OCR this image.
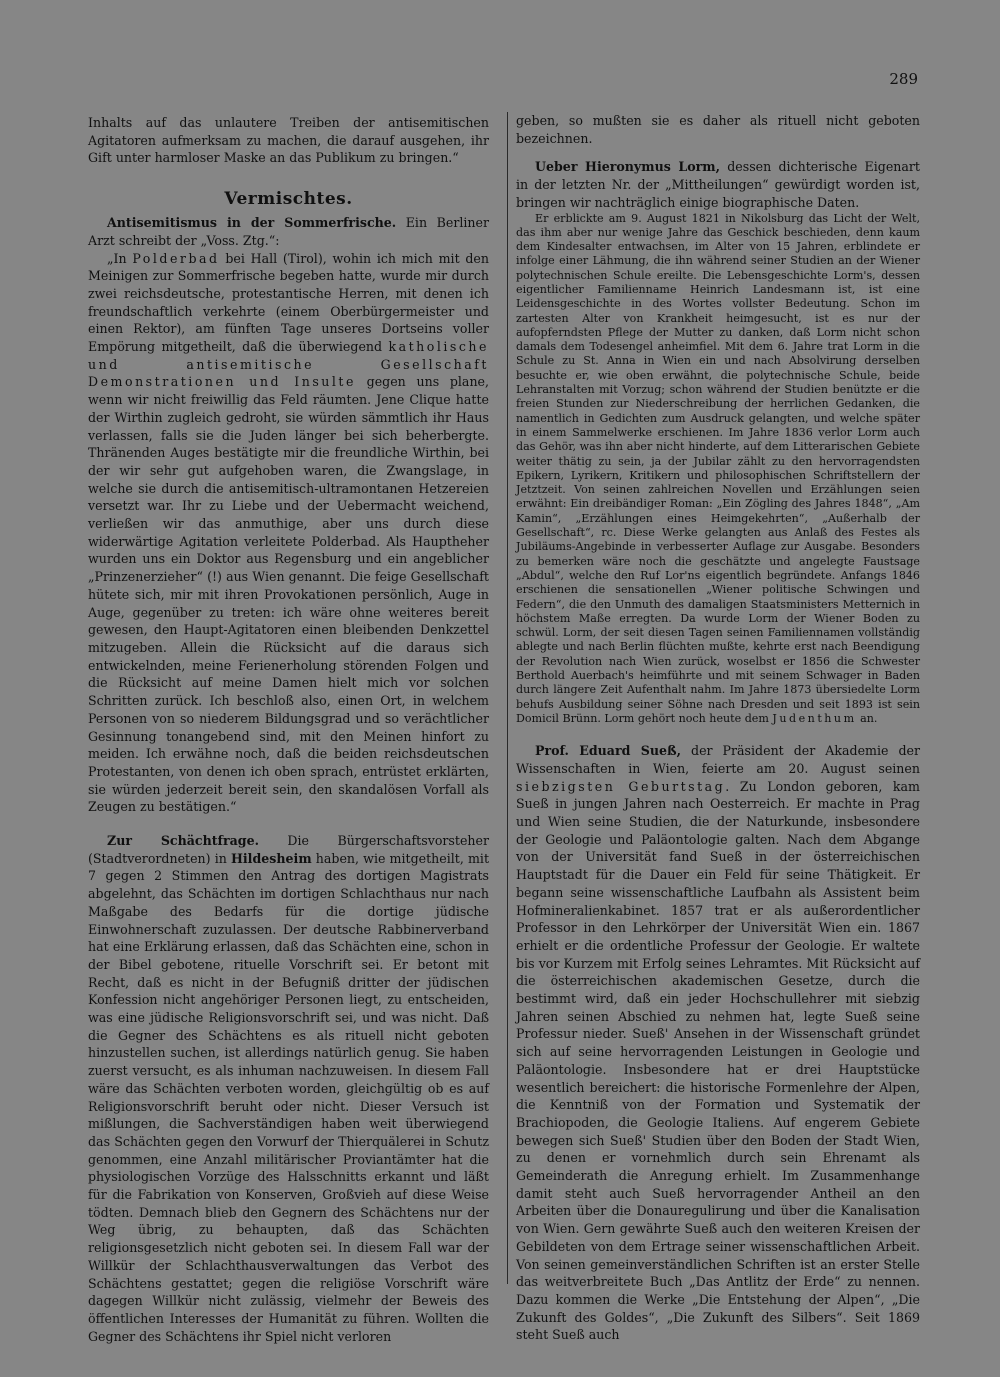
289

Inhalts auf das unlautere Treiben der antisemitischen Agitatoren aufmerksam zu machen, die darauf ausgehen, ihr Gift unter harmloser Maske an das Publikum zu bringen.“

Vermischtes.

Antisemitismus in der Sommerfrische. Ein Berliner Arzt schreibt der „Voss. Ztg.“:

„In Polderbad bei Hall (Tirol), wohin ich mich mit den Meinigen zur Sommerfrische begeben hatte, wurde mir durch zwei reichsdeutsche, protestantische Herren, mit denen ich freundschaftlich verkehrte (einem Oberbürgermeister und einen Rektor), am fünften Tage unseres Dortseins voller Empörung mitgetheilt, daß die überwiegend katholische und antisemitische Gesellschaft Demonstrationen und Insulte gegen uns plane, wenn wir nicht freiwillig das Feld räumten. Jene Clique hatte der Wirthin zugleich gedroht, sie würden sämmtlich ihr Haus verlassen, falls sie die Juden länger bei sich beherbergte. Thränenden Auges bestätigte mir die freundliche Wirthin, bei der wir sehr gut aufgehoben waren, die Zwangslage, in welche sie durch die antisemitisch-ultramontanen Hetzereien versetzt war. Ihr zu Liebe und der Uebermacht weichend, verließen wir das anmuthige, aber uns durch diese widerwärtige Agitation verleitete Polderbad. Als Hauptheher wurden uns ein Doktor aus Regensburg und ein angeblicher „Prinzenerzieher“ (!) aus Wien genannt. Die feige Gesellschaft hütete sich, mir mit ihren Provokationen persönlich, Auge in Auge, gegenüber zu treten: ich wäre ohne weiteres bereit gewesen, den Haupt-Agitatoren einen bleibenden Denkzettel mitzugeben. Allein die Rücksicht auf die daraus sich entwickelnden, meine Ferienerholung störenden Folgen und die Rücksicht auf meine Damen hielt mich vor solchen Schritten zurück. Ich beschloß also, einen Ort, in welchem Personen von so niederem Bildungsgrad und so verächtlicher Gesinnung tonangebend sind, mit den Meinen hinfort zu meiden. Ich erwähne noch, daß die beiden reichsdeutschen Protestanten, von denen ich oben sprach, entrüstet erklärten, sie würden jederzeit bereit sein, den skandalösen Vorfall als Zeugen zu bestätigen.“

Zur Schächtfrage. Die Bürgerschaftsvorsteher (Stadtverordneten) in Hildesheim haben, wie mitgetheilt, mit 7 gegen 2 Stimmen den Antrag des dortigen Magistrats abgelehnt, das Schächten im dortigen Schlachthaus nur nach Maßgabe des Bedarfs für die dortige jüdische Einwohnerschaft zuzulassen. Der deutsche Rabbinerverband hat eine Erklärung erlassen, daß das Schächten eine, schon in der Bibel gebotene, rituelle Vorschrift sei. Er betont mit Recht, daß es nicht in der Befugniß dritter der jüdischen Konfession nicht angehöriger Personen liegt, zu entscheiden, was eine jüdische Religionsvorschrift sei, und was nicht. Daß die Gegner des Schächtens es als rituell nicht geboten hinzustellen suchen, ist allerdings natürlich genug. Sie haben zuerst versucht, es als inhuman nachzuweisen. In diesem Fall wäre das Schächten verboten worden, gleichgültig ob es auf Religionsvorschrift beruht oder nicht. Dieser Versuch ist mißlungen, die Sachverständigen haben weit überwiegend das Schächten gegen den Vorwurf der Thierquälerei in Schutz genommen, eine Anzahl militärischer Proviantämter hat die physiologischen Vorzüge des Halsschnitts erkannt und läßt für die Fabrikation von Konserven, Großvieh auf diese Weise tödten. Demnach blieb den Gegnern des Schächtens nur der Weg übrig, zu behaupten, daß das Schächten religionsgesetzlich nicht geboten sei. In diesem Fall war der Willkür der Schlachthausverwaltungen das Verbot des Schächtens gestattet; gegen die religiöse Vorschrift wäre dagegen Willkür nicht zulässig, vielmehr der Beweis des öffentlichen Interesses der Humanität zu führen. Wollten die Gegner des Schächtens ihr Spiel nicht verloren

geben, so mußten sie es daher als rituell nicht geboten bezeichnen.

Ueber Hieronymus Lorm, dessen dichterische Eigenart in der letzten Nr. der „Mittheilungen“ gewürdigt worden ist, bringen wir nachträglich einige biographische Daten.

Er erblickte am 9. August 1821 in Nikolsburg das Licht der Welt, das ihm aber nur wenige Jahre das Geschick beschieden, denn kaum dem Kindesalter entwachsen, im Alter von 15 Jahren, erblindete er infolge einer Lähmung, die ihn während seiner Studien an der Wiener polytechnischen Schule ereilte. Die Lebensgeschichte Lorm's, dessen eigentlicher Familienname Heinrich Landesmann ist, ist eine Leidensgeschichte in des Wortes vollster Bedeutung. Schon im zartesten Alter von Krankheit heimgesucht, ist es nur der aufopferndsten Pflege der Mutter zu danken, daß Lorm nicht schon damals dem Todesengel anheimfiel. Mit dem 6. Jahre trat Lorm in die Schule zu St. Anna in Wien ein und nach Absolvirung derselben besuchte er, wie oben erwähnt, die polytechnische Schule, beide Lehranstalten mit Vorzug; schon während der Studien benützte er die freien Stunden zur Niederschreibung der herrlichen Gedanken, die namentlich in Gedichten zum Ausdruck gelangten, und welche später in einem Sammelwerke erschienen. Im Jahre 1836 verlor Lorm auch das Gehör, was ihn aber nicht hinderte, auf dem Litterarischen Gebiete weiter thätig zu sein, ja der Jubilar zählt zu den hervorragendsten Epikern, Lyrikern, Kritikern und philosophischen Schriftstellern der Jetztzeit. Von seinen zahlreichen Novellen und Erzählungen seien erwähnt: Ein dreibändiger Roman: „Ein Zögling des Jahres 1848“, „Am Kamin“, „Erzählungen eines Heimgekehrten“, „Außerhalb der Gesellschaft“, rc. Diese Werke gelangten aus Anlaß des Festes als Jubiläums-Angebinde in verbesserter Auflage zur Ausgabe. Besonders zu bemerken wäre noch die geschätzte und angelegte Faustsage „Abdul“, welche den Ruf Lor'ns eigentlich begründete. Anfangs 1846 erschienen die sensationellen „Wiener politische Schwingen und Federn“, die den Unmuth des damaligen Staatsministers Metternich in höchstem Maße erregten. Da wurde Lorm der Wiener Boden zu schwül. Lorm, der seit diesen Tagen seinen Familiennamen vollständig ablegte und nach Berlin flüchten mußte, kehrte erst nach Beendigung der Revolution nach Wien zurück, woselbst er 1856 die Schwester Berthold Auerbach's heimführte und mit seinem Schwager in Baden durch längere Zeit Aufenthalt nahm. Im Jahre 1873 übersiedelte Lorm behufs Ausbildung seiner Söhne nach Dresden und seit 1893 ist sein Domicil Brünn. Lorm gehört noch heute dem Judenthum an.

Prof. Eduard Sueß, der Präsident der Akademie der Wissenschaften in Wien, feierte am 20. August seinen siebzigsten Geburtstag. Zu London geboren, kam Sueß in jungen Jahren nach Oesterreich. Er machte in Prag und Wien seine Studien, die der Naturkunde, insbesondere der Geologie und Paläontologie galten. Nach dem Abgange von der Universität fand Sueß in der österreichischen Hauptstadt für die Dauer ein Feld für seine Thätigkeit. Er begann seine wissenschaftliche Laufbahn als Assistent beim Hofmineralienkabinet. 1857 trat er als außerordentlicher Professor in den Lehrkörper der Universität Wien ein. 1867 erhielt er die ordentliche Professur der Geologie. Er waltete bis vor Kurzem mit Erfolg seines Lehramtes. Mit Rücksicht auf die österreichischen akademischen Gesetze, durch die bestimmt wird, daß ein jeder Hochschullehrer mit siebzig Jahren seinen Abschied zu nehmen hat, legte Sueß seine Professur nieder. Sueß' Ansehen in der Wissenschaft gründet sich auf seine hervorragenden Leistungen in Geologie und Paläontologie. Insbesondere hat er drei Hauptstücke wesentlich bereichert: die historische Formenlehre der Alpen, die Kenntniß von der Formation und Systematik der Brachiopoden, die Geologie Italiens. Auf engerem Gebiete bewegen sich Sueß' Studien über den Boden der Stadt Wien, zu denen er vornehmlich durch sein Ehrenamt als Gemeinderath die Anregung erhielt. Im Zusammenhange damit steht auch Sueß hervorragender Antheil an den Arbeiten über die Donauregulirung und über die Kanalisation von Wien. Gern gewährte Sueß auch den weiteren Kreisen der Gebildeten von dem Ertrage seiner wissenschaftlichen Arbeit. Von seinen gemeinverständlichen Schriften ist an erster Stelle das weitverbreitete Buch „Das Antlitz der Erde“ zu nennen. Dazu kommen die Werke „Die Entstehung der Alpen“, „Die Zukunft des Goldes“, „Die Zukunft des Silbers“. Seit 1869 steht Sueß auch
